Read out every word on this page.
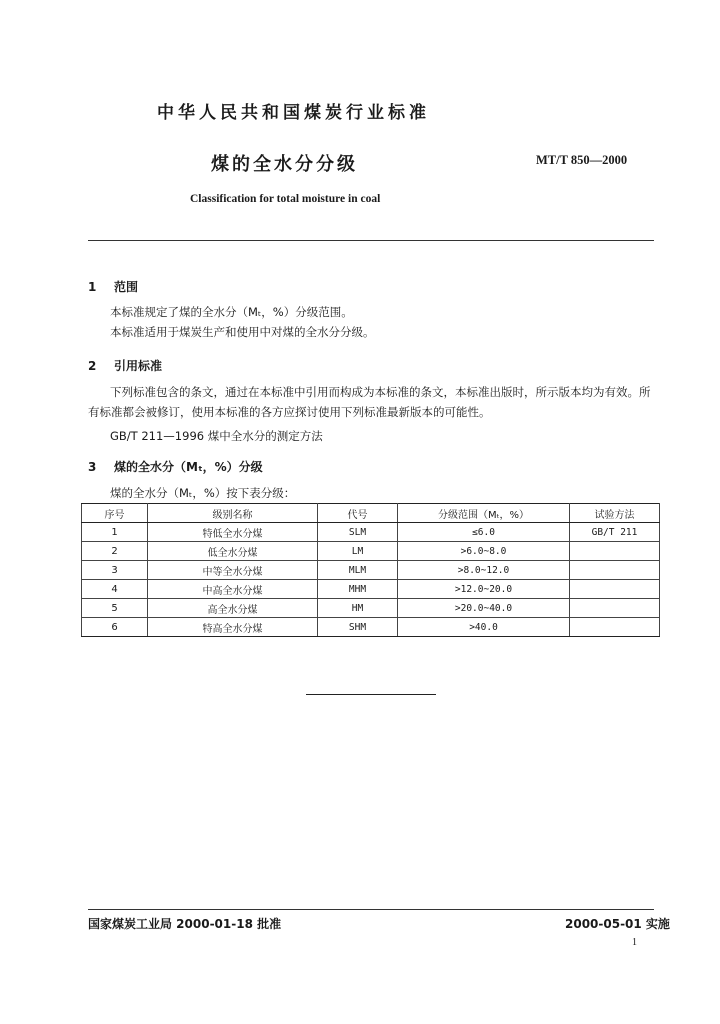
中华人民共和国煤炭行业标准
煤的全水分分级	MT/T 850—2000
Classification for total moisture in coal
1 范围
本标准规定了煤的全水分（Mₜ，%）分级范围。
本标准适用于煤炭生产和使用中对煤的全水分分级。
2 引用标准
下列标准包含的条文，通过在本标准中引用而构成为本标准的条文，本标准出版时，所示版本均为有效。所有标准都会被修订，使用本标准的各方应探讨使用下列标准最新版本的可能性。
GB/T 211—1996 煤中全水分的测定方法
3 煤的全水分（Mₜ，%）分级
煤的全水分（Mₜ，%）按下表分级：
序号	级别名称	代号	分级范围（Mₜ，%）	试验方法
1	特低全水分煤	SLM	≤6.0	GB/T 211
2	低全水分煤	LM	>6.0~8.0	
3	中等全水分煤	MLM	>8.0~12.0	
4	中高全水分煤	MHM	>12.0~20.0	
5	高全水分煤	HM	>20.0~40.0	
6	特高全水分煤	SHM	>40.0	
国家煤炭工业局 2000-01-18 批准	2000-05-01 实施
1
